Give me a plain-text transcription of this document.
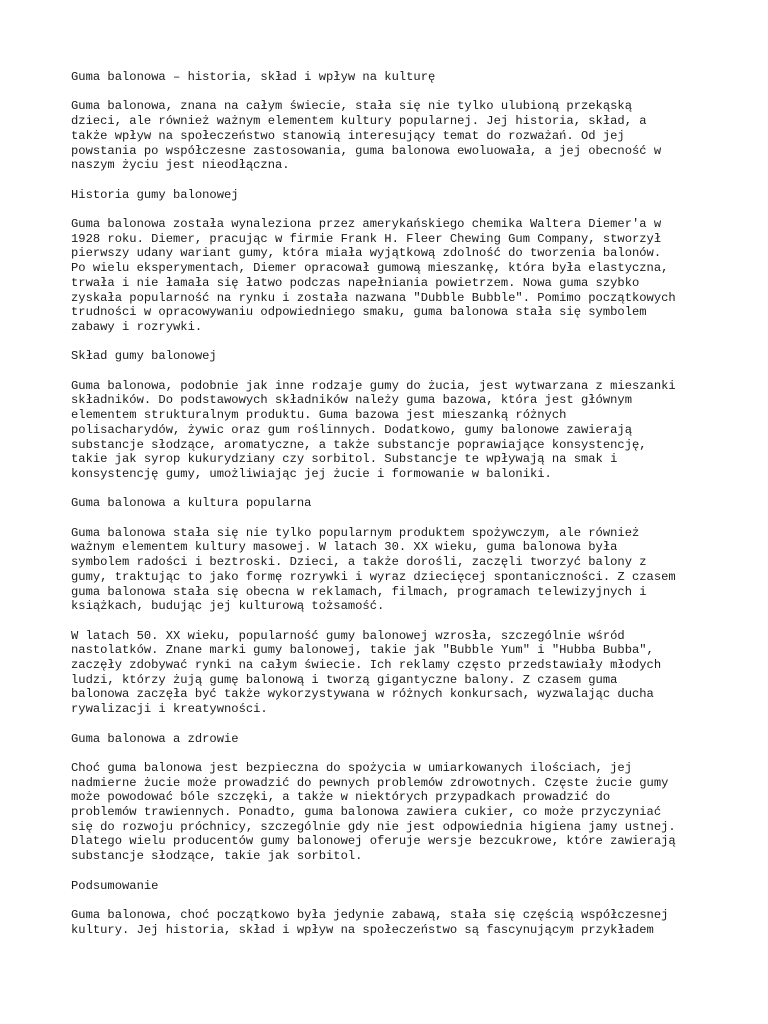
Guma balonowa – historia, skład i wpływ na kulturę
Guma balonowa, znana na całym świecie, stała się nie tylko ulubioną przekąską
dzieci, ale również ważnym elementem kultury popularnej. Jej historia, skład, a
także wpływ na społeczeństwo stanowią interesujący temat do rozważań. Od jej
powstania po współczesne zastosowania, guma balonowa ewoluowała, a jej obecność w
naszym życiu jest nieodłączna.
Historia gumy balonowej
Guma balonowa została wynaleziona przez amerykańskiego chemika Waltera Diemer'a w
1928 roku. Diemer, pracując w firmie Frank H. Fleer Chewing Gum Company, stworzył
pierwszy udany wariant gumy, która miała wyjątkową zdolność do tworzenia balonów.
Po wielu eksperymentach, Diemer opracował gumową mieszankę, która była elastyczna,
trwała i nie łamała się łatwo podczas napełniania powietrzem. Nowa guma szybko
zyskała popularność na rynku i została nazwana "Dubble Bubble". Pomimo początkowych
trudności w opracowywaniu odpowiedniego smaku, guma balonowa stała się symbolem
zabawy i rozrywki.
Skład gumy balonowej
Guma balonowa, podobnie jak inne rodzaje gumy do żucia, jest wytwarzana z mieszanki
składników. Do podstawowych składników należy guma bazowa, która jest głównym
elementem strukturalnym produktu. Guma bazowa jest mieszanką różnych
polisacharydów, żywic oraz gum roślinnych. Dodatkowo, gumy balonowe zawierają
substancje słodzące, aromatyczne, a także substancje poprawiające konsystencję,
takie jak syrop kukurydziany czy sorbitol. Substancje te wpływają na smak i
konsystencję gumy, umożliwiając jej żucie i formowanie w baloniki.
Guma balonowa a kultura popularna
Guma balonowa stała się nie tylko popularnym produktem spożywczym, ale również
ważnym elementem kultury masowej. W latach 30. XX wieku, guma balonowa była
symbolem radości i beztroski. Dzieci, a także dorośli, zaczęli tworzyć balony z
gumy, traktując to jako formę rozrywki i wyraz dziecięcej spontaniczności. Z czasem
guma balonowa stała się obecna w reklamach, filmach, programach telewizyjnych i
książkach, budując jej kulturową tożsamość.
W latach 50. XX wieku, popularność gumy balonowej wzrosła, szczególnie wśród
nastolatków. Znane marki gumy balonowej, takie jak "Bubble Yum" i "Hubba Bubba",
zaczęły zdobywać rynki na całym świecie. Ich reklamy często przedstawiały młodych
ludzi, którzy żują gumę balonową i tworzą gigantyczne balony. Z czasem guma
balonowa zaczęła być także wykorzystywana w różnych konkursach, wyzwalając ducha
rywalizacji i kreatywności.
Guma balonowa a zdrowie
Choć guma balonowa jest bezpieczna do spożycia w umiarkowanych ilościach, jej
nadmierne żucie może prowadzić do pewnych problemów zdrowotnych. Częste żucie gumy
może powodować bóle szczęki, a także w niektórych przypadkach prowadzić do
problemów trawiennych. Ponadto, guma balonowa zawiera cukier, co może przyczyniać
się do rozwoju próchnicy, szczególnie gdy nie jest odpowiednia higiena jamy ustnej.
Dlatego wielu producentów gumy balonowej oferuje wersje bezcukrowe, które zawierają
substancje słodzące, takie jak sorbitol.
Podsumowanie
Guma balonowa, choć początkowo była jedynie zabawą, stała się częścią współczesnej
kultury. Jej historia, skład i wpływ na społeczeństwo są fascynującym przykładem
